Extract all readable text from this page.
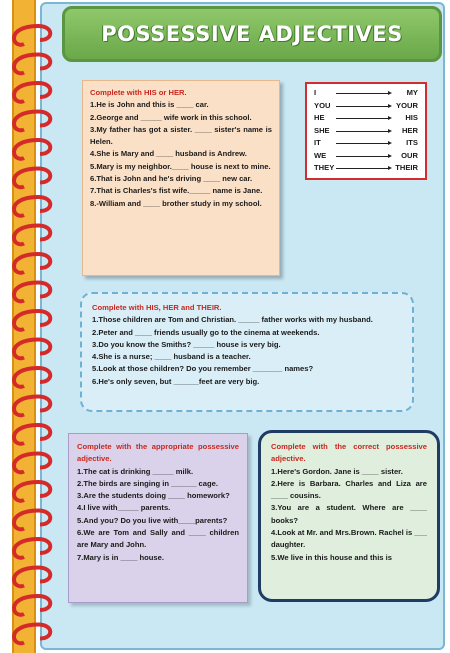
POSSESSIVE ADJECTIVES
Complete with HIS or HER.
1.He is John and this is ____ car.
2.George and _____ wife work in this school.
3.My father has got a sister. ____ sister's name is Helen.
4.She is Mary and ____ husband is Andrew.
5.Mary is my neighbor.____ house is next to mine.
6.That is John and he's driving ____ new car.
7.That is Charles's fist wife._____ name is Jane.
8.-William and ____ brother study in my school.
I	MY
YOU	YOUR
HE	HIS
SHE	HER
IT	ITS
WE	OUR
THEY	THEIR
Complete with HIS, HER and THEIR.
1.Those children are Tom and Christian. _____ father works with my husband.
2.Peter and ____ friends usually go to the cinema at weekends.
3.Do you know the Smiths? _____ house is very big.
4.She is a nurse; ____ husband is a teacher.
5.Look at those children? Do you remember _______ names?
6.He's only seven, but ______feet are very big.
Complete with the appropriate possessive adjective.
1.The cat is drinking _____ milk.
2.The birds are singing in ______ cage.
3.Are the students doing ____ homework?
4.I live with_____ parents.
5.And you? Do you live with____parents?
6.We are Tom and Sally and ____ children are Mary and John.
7.Mary is in ____ house.
Complete with the correct possessive adjective.
1.Here's Gordon. Jane is ____ sister.
2.Here is Barbara. Charles and Liza are ____ cousins.
3.You are a student. Where are ____ books?
4.Look at Mr. and Mrs.Brown. Rachel is ___ daughter.
5.We live in this house and this is
